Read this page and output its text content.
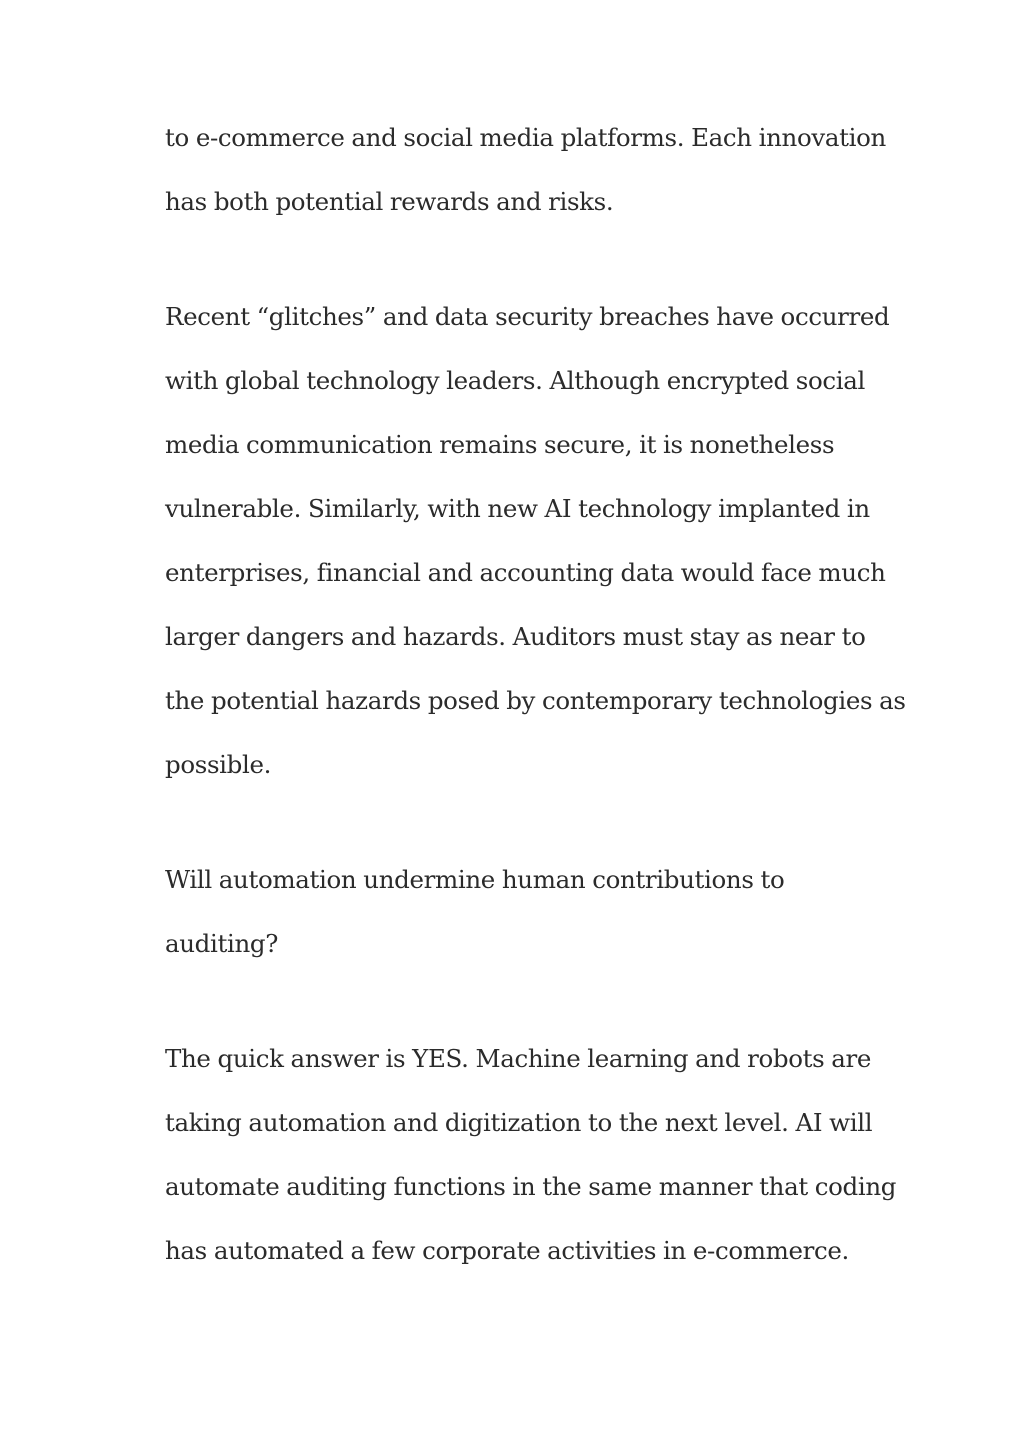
to e-commerce and social media platforms. Each innovation
has both potential rewards and risks.

Recent “glitches” and data security breaches have occurred
with global technology leaders. Although encrypted social
media communication remains secure, it is nonetheless
vulnerable. Similarly, with new AI technology implanted in
enterprises, financial and accounting data would face much
larger dangers and hazards. Auditors must stay as near to
the potential hazards posed by contemporary technologies as
possible.

Will automation undermine human contributions to
auditing?

The quick answer is YES. Machine learning and robots are
taking automation and digitization to the next level. AI will
automate auditing functions in the same manner that coding
has automated a few corporate activities in e-commerce.
